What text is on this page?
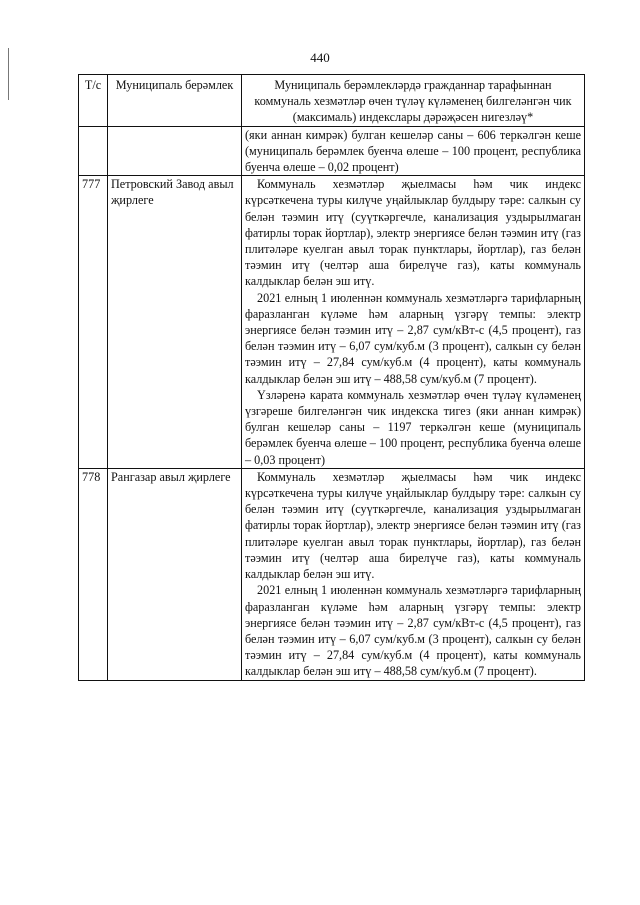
440
Т/с	Муниципаль берәмлек	Муниципаль берәмлекләрдә гражданнар тарафыннан коммуналь хезмәтләр өчен түләү күләменең билгеләнгән чик (максималь) индекслары дәрәҗәсен нигезләү*
		(яки аннан кимрәк) булган кешеләр саны – 606 теркәлгән кеше (муниципаль берәмлек буенча өлеше – 100 процент, республика буенча өлеше – 0,02 процент)
777	Петровский Завод авыл җирлеге	Коммуналь хезмәтләр җыелмасы һәм чик индекс күрсәткечена туры килүче уңайлыклар булдыру тәре: салкын су белән тәэмин итү (суүткәргечле, канализация уздырылмаган фатирлы торак йортлар), электр энергиясе белән тәэмин итү (газ плитәләре куелган авыл торак пунктлары, йортлар), газ белән тәэмин итү (челтәр аша бирелүче газ), каты коммуналь калдыклар белән эш итү.
2021 елның 1 июленнән коммуналь хезмәтләргә тарифларның фаразланган күләме һәм аларның үзгәрү темпы: электр энергиясе белән тәэмин итү – 2,87 сум/кВт-с (4,5 процент), газ белән тәэмин итү – 6,07 сум/куб.м (3 процент), салкын су белән тәэмин итү – 27,84 сум/куб.м (4 процент), каты коммуналь калдыклар белән эш итү – 488,58 сум/куб.м (7 процент).
Үзләренә карата коммуналь хезмәтләр өчен түләү күләменең үзгәреше билгеләнгән чик индекска тигез (яки аннан кимрәк) булган кешеләр саны – 1197 теркәлгән кеше (муниципаль берәмлек буенча өлеше – 100 процент, республика буенча өлеше – 0,03 процент)

778	Рангазар авыл җирлеге	Коммуналь хезмәтләр җыелмасы һәм чик индекс күрсәткечена туры килүче уңайлыклар булдыру тәре: салкын су белән тәэмин итү (суүткәргечле, канализация уздырылмаган фатирлы торак йортлар), электр энергиясе белән тәэмин итү (газ плитәләре куелган авыл торак пунктлары, йортлар), газ белән тәэмин итү (челтәр аша бирелүче газ), каты коммуналь калдыклар белән эш итү.
2021 елның 1 июленнән коммуналь хезмәтләргә тарифларның фаразланган күләме һәм аларның үзгәрү темпы: электр энергиясе белән тәэмин итү – 2,87 сум/кВт-с (4,5 процент), газ белән тәэмин итү – 6,07 сум/куб.м (3 процент), салкын су белән тәэмин итү – 27,84 сум/куб.м (4 процент), каты коммуналь калдыклар белән эш итү – 488,58 сум/куб.м (7 процент).
